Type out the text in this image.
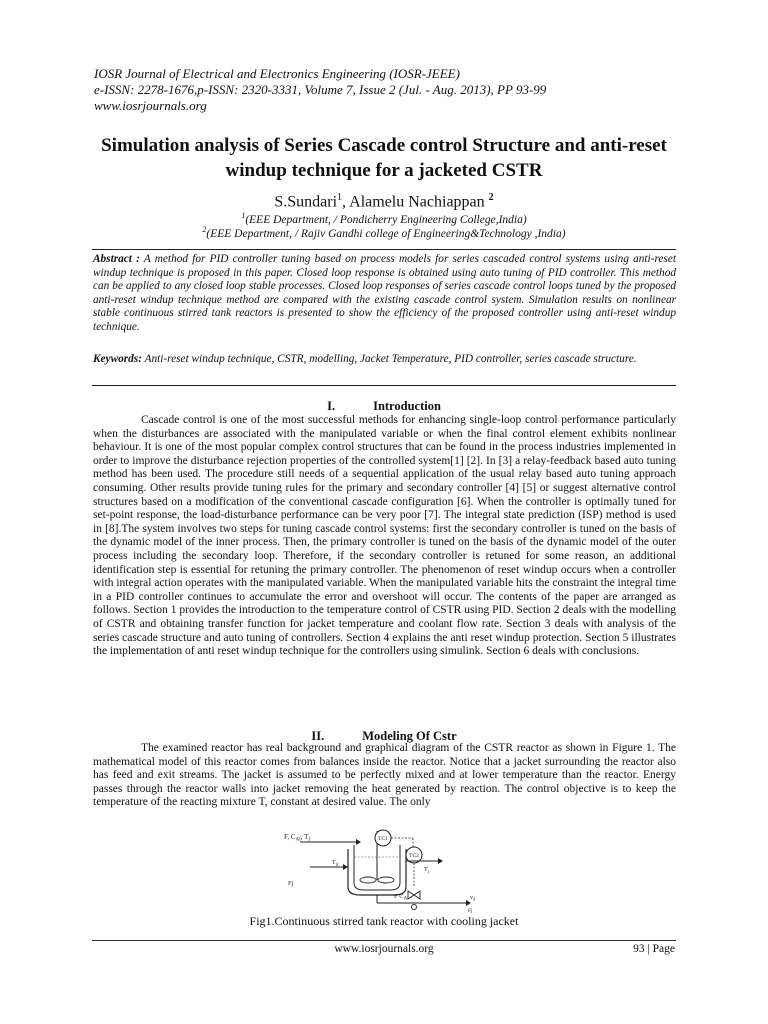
IOSR Journal of Electrical and Electronics Engineering (IOSR-JEEE)
e-ISSN: 2278-1676,p-ISSN: 2320-3331, Volume 7, Issue 2 (Jul. - Aug. 2013), PP 93-99
www.iosrjournals.org
Simulation analysis of Series Cascade control Structure and anti-reset windup technique for a jacketed CSTR
S.Sundari$^1$, Alamelu Nachiappan $^2$
$^1$(EEE Department, / Pondicherry Engineering College,India)
$^2$(EEE Department, / Rajiv Gandhi college of Engineering&Technology ,India)
Abstract : A method for PID controller tuning based on process models for series cascaded control systems using anti-reset windup technique is proposed in this paper. Closed loop response is obtained using auto tuning of PID controller. This method can be applied to any closed loop stable processes. Closed loop responses of series cascade control loops tuned by the proposed anti-reset windup technique method are compared with the existing cascade control system. Simulation results on nonlinear stable continuous stirred tank reactors is presented to show the efficiency of the proposed controller using anti-reset windup technique.
Keywords: Anti-reset windup technique, CSTR, modelling, Jacket Temperature, PID controller, series cascade structure.
I.	Introduction

Cascade control is one of the most successful methods for enhancing single-loop control performance particularly when the disturbances are associated with the manipulated variable or when the final control element exhibits nonlinear behaviour. It is one of the most popular complex control structures that can be found in the process industries implemented in order to improve the disturbance rejection properties of the controlled system[1] [2]. In [3] a relay-feedback based auto tuning method has been used. The procedure still needs of a sequential application of the usual relay based auto tuning approach consuming. Other results provide tuning rules for the primary and secondary controller [4] [5] or suggest alternative control structures based on a modification of the conventional cascade configuration [6]. When the controller is optimally tuned for set-point response, the load-disturbance performance can be very poor [7]. The integral state prediction (ISP) method is used in [8].The system involves two steps for tuning cascade control systems: first the secondary controller is tuned on the basis of the dynamic model of the inner process. Then, the primary controller is tuned on the basis of the dynamic model of the outer process including the secondary loop. Therefore, if the secondary controller is retuned for some reason, an additional identification step is essential for retuning the primary controller. The phenomenon of reset windup occurs when a controller with integral action operates with the manipulated variable. When the manipulated variable hits the constraint the integral time in a PID controller continues to accumulate the error and overshoot will occur. The contents of the paper are arranged as follows. Section 1 provides the introduction to the temperature control of CSTR using PID. Section 2 deals with the modelling of CSTR and obtaining transfer function for jacket temperature and coolant flow rate. Section 3 deals with analysis of the series cascade structure and auto tuning of controllers. Section 4 explains the anti reset windup protection. Section 5 illustrates the implementation of anti reset windup technique for the controllers using simulink. Section 6 deals with conclusions.

II.	Modeling Of Cstr

The examined reactor has real background and graphical diagram of the CSTR reactor as shown in Figure 1. The mathematical model of this reactor comes from balances inside the reactor. Notice that a jacket surrounding the reactor also has feed and exit streams. The jacket is assumed to be perfectly mixed and at lower temperature than the reactor. Energy passes through the reactor walls into jacket removing the heat generated by reaction. The control objective is to keep the temperature of the reacting mixture T, constant at desired value. The only

F, $C_{Af}$, $T_f$	TC1
TC2
$T_j$
$T_{jf}$
Fj
F $C_A$	$v_d$
Fj
Fig1.Continuous stirred tank reactor with cooling jacket
www.iosrjournals.org	93 | Page
